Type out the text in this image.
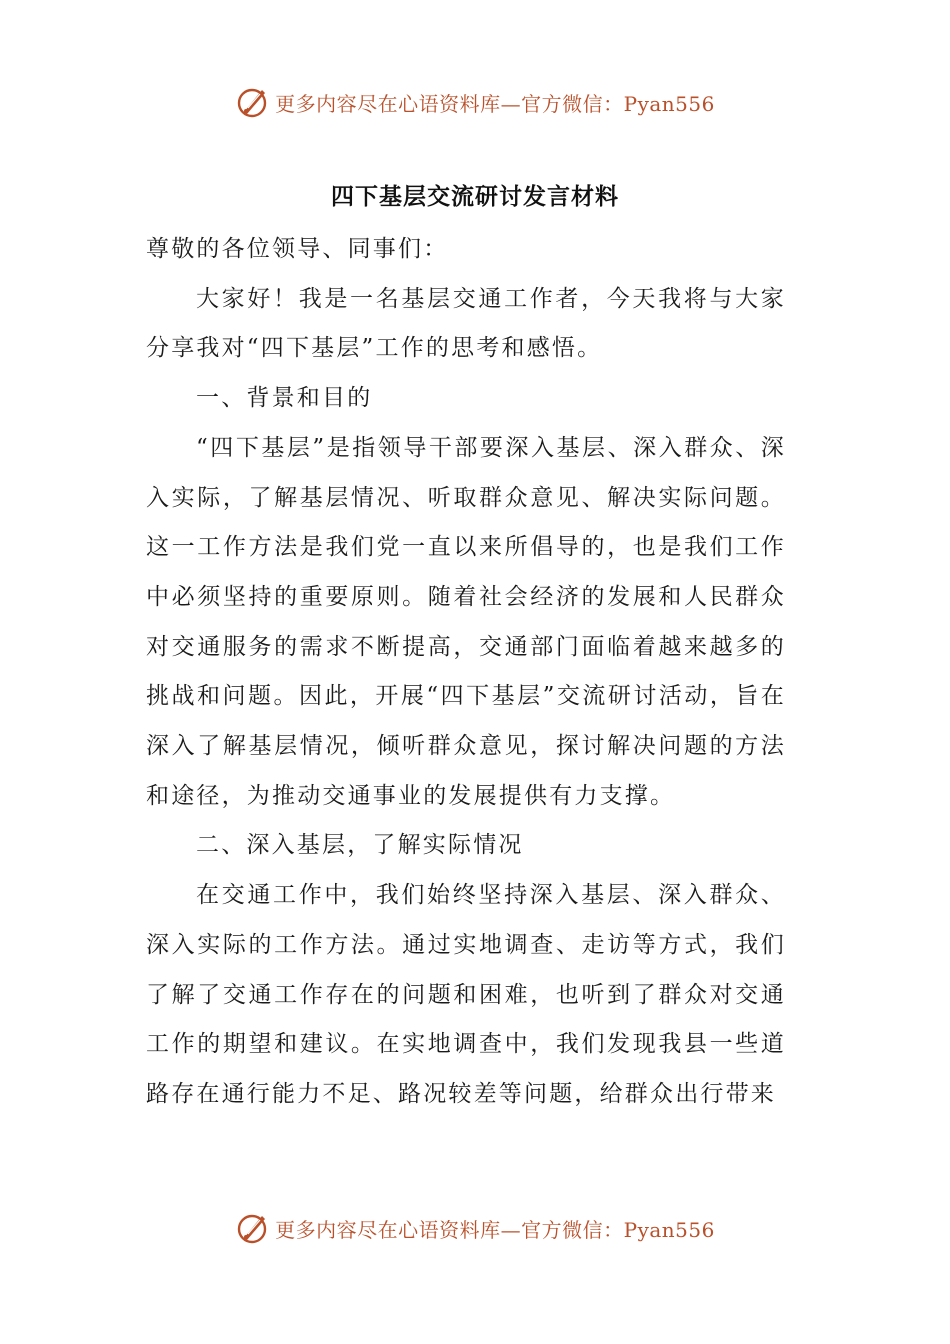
更多内容尽在心语资料库—官方微信：Pyan556
四下基层交流研讨发言材料

尊敬的各位领导、同事们：

大家好！我是一名基层交通工作者，今天我将与大家分享我对“四下基层”工作的思考和感悟。

一、背景和目的

“四下基层”是指领导干部要深入基层、深入群众、深入实际，了解基层情况、听取群众意见、解决实际问题。这一工作方法是我们党一直以来所倡导的，也是我们工作中必须坚持的重要原则。随着社会经济的发展和人民群众对交通服务的需求不断提高，交通部门面临着越来越多的挑战和问题。因此，开展“四下基层”交流研讨活动，旨在深入了解基层情况，倾听群众意见，探讨解决问题的方法和途径，为推动交通事业的发展提供有力支撑。

二、深入基层，了解实际情况

在交通工作中，我们始终坚持深入基层、深入群众、深入实际的工作方法。通过实地调查、走访等方式，我们了解了交通工作存在的问题和困难，也听到了群众对交通工作的期望和建议。在实地调查中，我们发现我县一些道路存在通行能力不足、路况较差等问题，给群众出行带来

更多内容尽在心语资料库—官方微信：Pyan556
